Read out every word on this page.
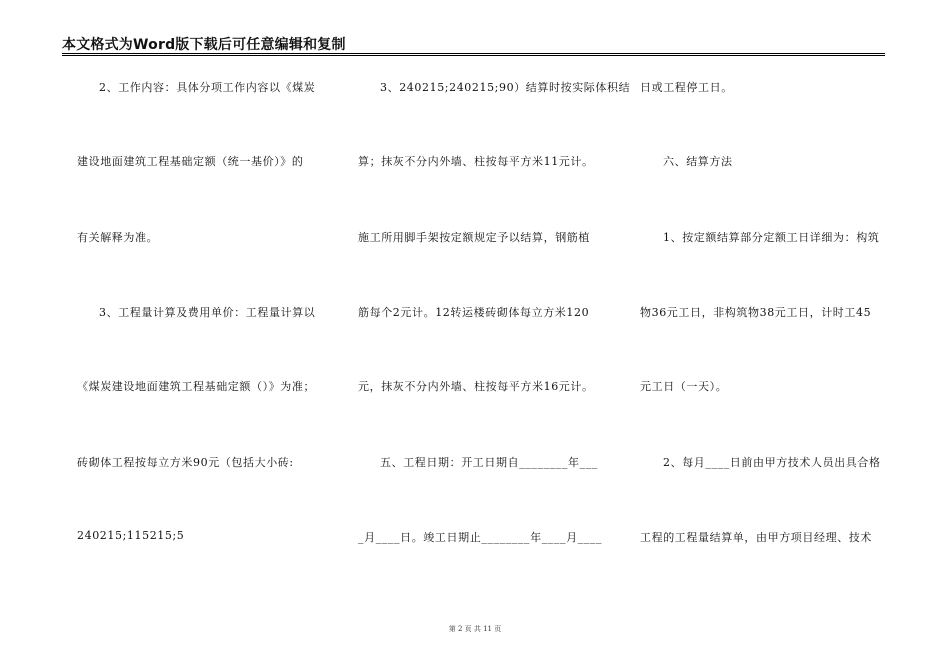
本文格式为Word版下载后可任意编辑和复制
2、工作内容：具体分项工作内容以《煤炭
建设地面建筑工程基础定额（统一基价）》的
有关解释为准。
3、工程量计算及费用单价：工程量计算以
《煤炭建设地面建筑工程基础定额（）》为准；
砖砌体工程按每立方米90元（包括大小砖:
240215;115215;5
3、240215;240215;90）结算时按实际体积结
算；抹灰不分内外墙、柱按每平方米11元计。
施工所用脚手架按定额规定予以结算，钢筋植
筋每个2元计。12转运楼砖砌体每立方米120
元，抹灰不分内外墙、柱按每平方米16元计。
五、工程日期：开工日期自________年___
_月____日。竣工日期止________年____月____
日或工程停工日。
六、结算方法
1、按定额结算部分定额工日详细为：构筑
物36元工日，非构筑物38元工日，计时工45
元工日（一天）。
2、每月____日前由甲方技术人员出具合格
工程的工程量结算单，由甲方项目经理、技术
第 2 页 共 11 页
